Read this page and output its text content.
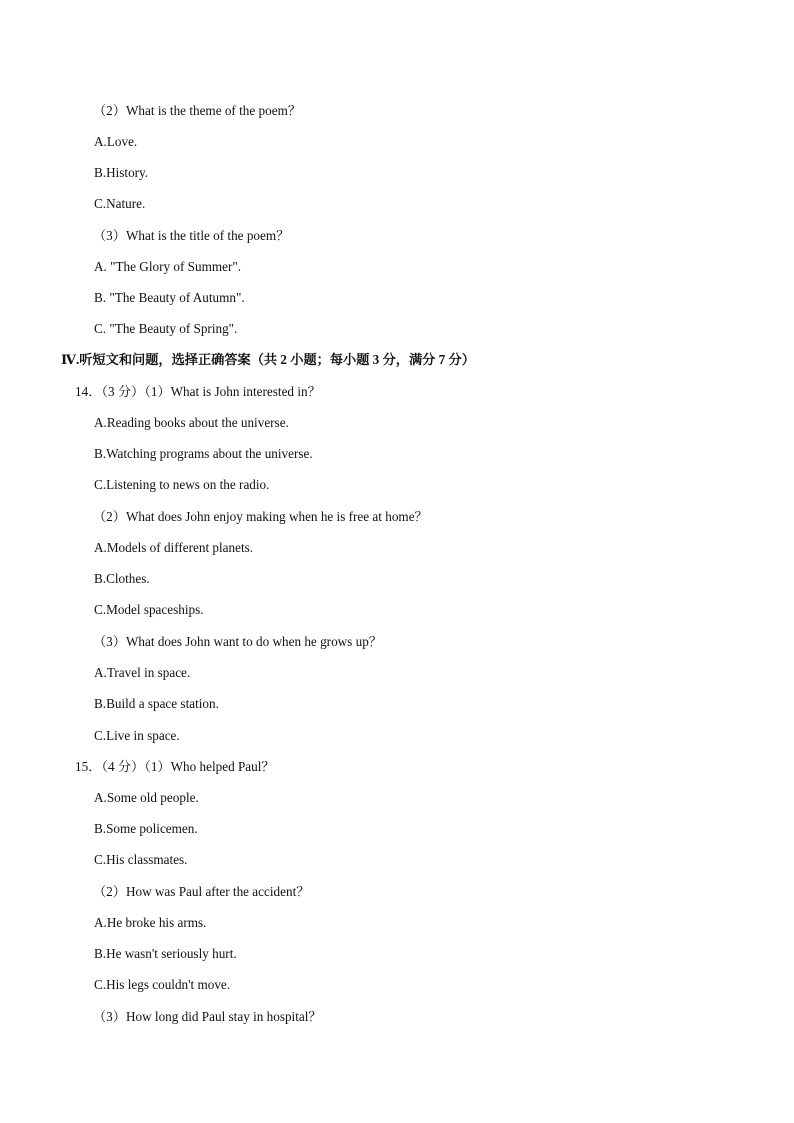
（2）What is the theme of the poem？
A.Love.
B.History.
C.Nature.
（3）What is the title of the poem？
A. "The Glory of Summer".
B. "The Beauty of Autumn".
C. "The Beauty of Spring".
Ⅳ.听短文和问题，选择正确答案（共 2 小题；每小题 3 分，满分 7 分）
14．（3 分）（1）What is John interested in？
A.Reading books about the universe.
B.Watching programs about the universe.
C.Listening to news on the radio.
（2）What does John enjoy making when he is free at home？
A.Models of different planets.
B.Clothes.
C.Model spaceships.
（3）What does John want to do when he grows up？
A.Travel in space.
B.Build a space station.
C.Live in space.
15．（4 分）（1）Who helped Paul？
A.Some old people.
B.Some policemen.
C.His classmates.
（2）How was Paul after the accident？
A.He broke his arms.
B.He wasn't seriously hurt.
C.His legs couldn't move.
（3）How long did Paul stay in hospital？
